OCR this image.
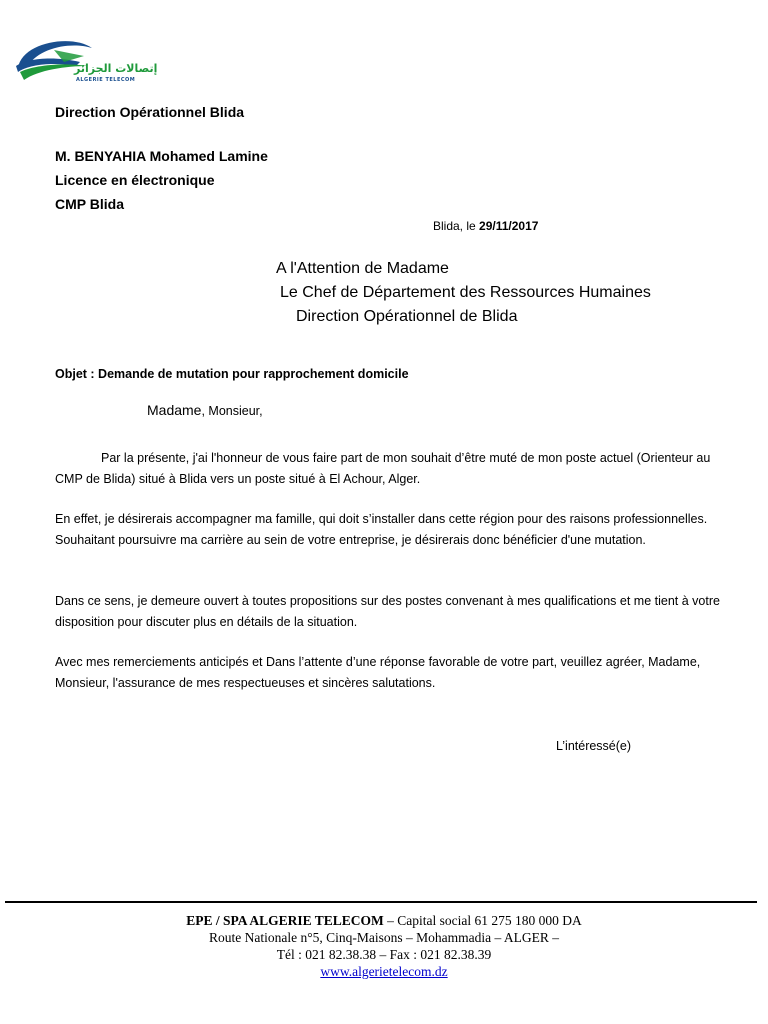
إتصالات الجزائر
ALGERIE TELECOM
Direction Opérationnel Blida
M. BENYAHIA Mohamed Lamine
Licence en électronique
CMP Blida
Blida, le 29/11/2017
A l'Attention de Madame
Le Chef de Département des Ressources Humaines
Direction Opérationnel de Blida
Objet : Demande de mutation pour rapprochement domicile
Madame, Monsieur,
Par la présente, j'ai l'honneur de vous faire part de mon souhait d’être muté de mon poste actuel (Orienteur au CMP de Blida) situé à Blida vers un poste situé à El Achour, Alger.
En effet, je désirerais accompagner ma famille, qui doit s’installer dans cette région pour des raisons professionnelles. Souhaitant poursuivre ma carrière au sein de votre entreprise, je désirerais donc bénéficier d'une mutation.
Dans ce sens, je demeure ouvert à toutes propositions sur des postes convenant à mes qualifications et me tient à votre disposition pour discuter plus en détails de la situation.
Avec mes remerciements anticipés et Dans l’attente d’une réponse favorable de votre part, veuillez agréer, Madame, Monsieur, l'assurance de mes respectueuses et sincères salutations.
L’intéressé(e)
EPE / SPA ALGERIE TELECOM – Capital social 61 275 180 000 DA
Route Nationale n°5, Cinq-Maisons – Mohammadia – ALGER –
Tél : 021 82.38.38 – Fax : 021 82.38.39
www.algerietelecom.dz
